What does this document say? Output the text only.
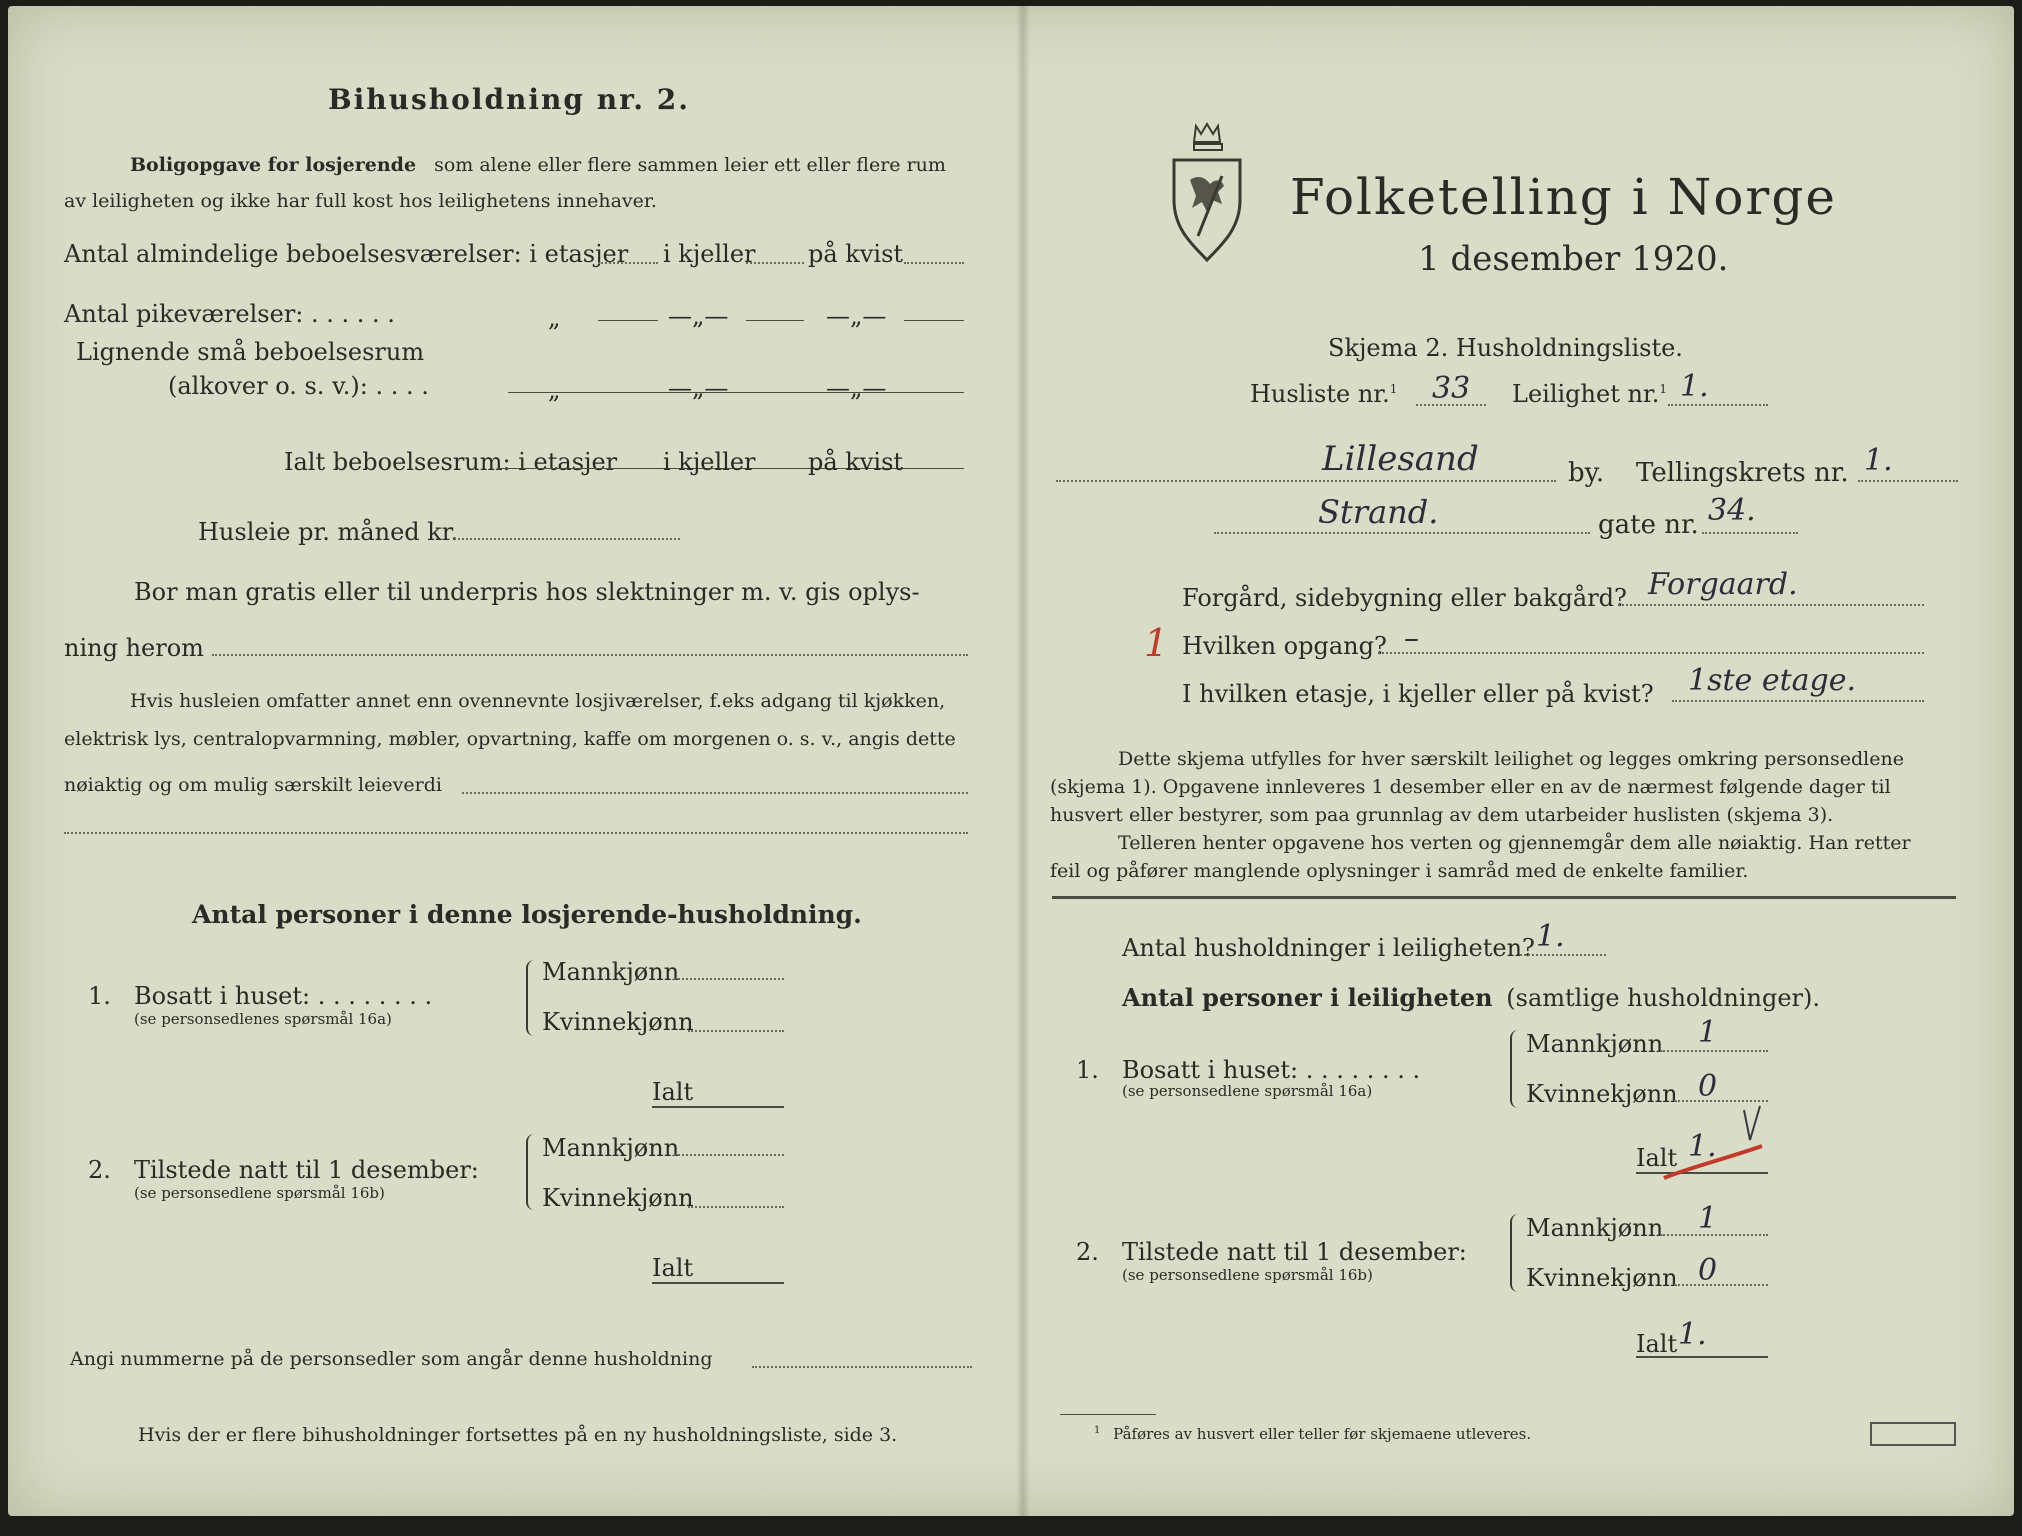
Bihusholdning nr. 2.
Boligopgave for losjerende som alene eller flere sammen leier ett eller flere rum
av leiligheten og ikke har full kost hos leilighetens innehaver.
Antal almindelige beboelsesværelser: i etasjer i kjeller på kvist
Antal pikeværelser: . . . . . .	„	—„—	—„—
Lignende små beboelsesrum
(alkover o. s. v.): . . . .	„	—„—	—„—
Ialt beboelsesrum: i etasjer i kjeller på kvist
Husleie pr. måned kr.
Bor man gratis eller til underpris hos slektninger m. v. gis oplys-
ning herom
Hvis husleien omfatter annet enn ovennevnte losjiværelser, f.eks adgang til kjøkken,
elektrisk lys, centralopvarmning, møbler, opvartning, kaffe om morgenen o. s. v., angis dette
nøiaktig og om mulig særskilt leieverdi
Antal personer i denne losjerende-husholdning.
1. Bosatt i huset: . . . . . . . .
(se personsedlenes spørsmål 16a)
Mannkjønn
Kvinnekjønn
Ialt
2. Tilstede natt til 1 desember:
(se personsedlene spørsmål 16b)
Mannkjønn
Kvinnekjønn
Ialt
Angi nummerne på de personsedler som angår denne husholdning
Hvis der er flere bihusholdninger fortsettes på en ny husholdningsliste, side 3.
Folketelling i Norge
1 desember 1920.
Skjema 2. Husholdningsliste.
Husliste nr.$^1$ 33 Leilighet nr.$^1$ 1.
Lillesand	by. Tellingskrets nr. 1.
Strand.	gate nr. 34.
Forgård, sidebygning eller bakgård? Forgaard.
1 Hvilken opgang? –
I hvilken etasje, i kjeller eller på kvist? 1ste etage.
Dette skjema utfylles for hver særskilt leilighet og legges omkring personsedlene
(skjema 1). Opgavene innleveres 1 desember eller en av de nærmest følgende dager til
husvert eller bestyrer, som paa grunnlag av dem utarbeider huslisten (skjema 3).
Telleren henter opgavene hos verten og gjennemgår dem alle nøiaktig. Han retter
feil og påfører manglende oplysninger i samråd med de enkelte familier.
Antal husholdninger i leiligheten? 1.
Antal personer i leiligheten (samtlige husholdninger).
1. Bosatt i huset: . . . . . . . .
(se personsedlene spørsmål 16a)
Mannkjønn 1
Kvinnekjønn 0
Ialt 1.
2. Tilstede natt til 1 desember:
(se personsedlene spørsmål 16b)
Mannkjønn 1
Kvinnekjønn 0
Ialt 1.
$^1$ Påføres av husvert eller teller før skjemaene utleveres.
